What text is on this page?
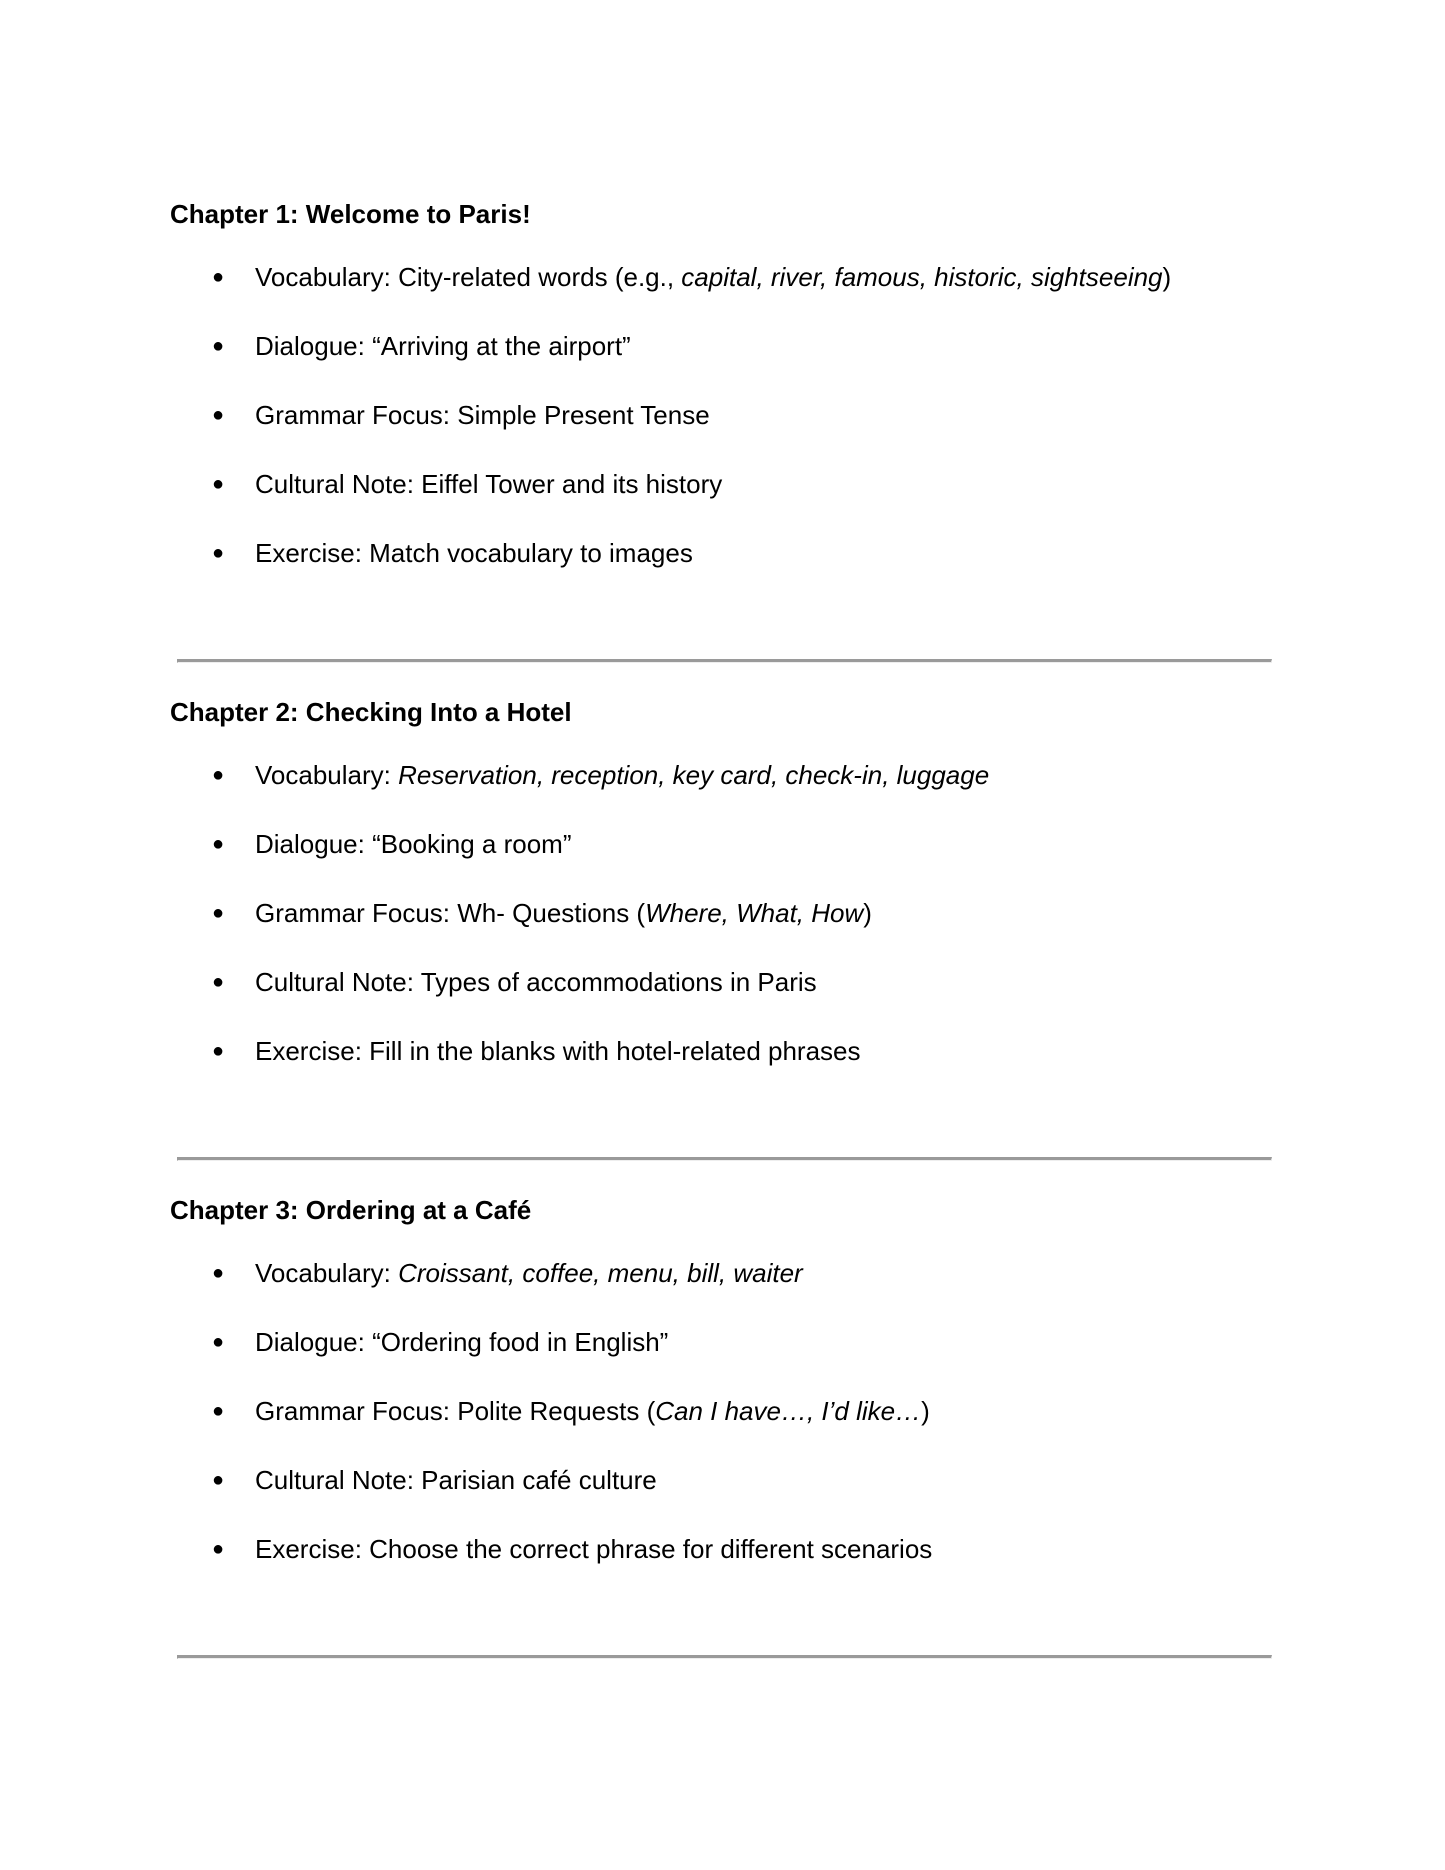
Chapter 1: Welcome to Paris!
● Vocabulary: City-related words (e.g., capital, river, famous, historic, sightseeing)
● Dialogue: “Arriving at the airport”
● Grammar Focus: Simple Present Tense
● Cultural Note: Eiffel Tower and its history
● Exercise: Match vocabulary to images
Chapter 2: Checking Into a Hotel
● Vocabulary: Reservation, reception, key card, check-in, luggage
● Dialogue: “Booking a room”
● Grammar Focus: Wh- Questions (Where, What, How)
● Cultural Note: Types of accommodations in Paris
● Exercise: Fill in the blanks with hotel-related phrases
Chapter 3: Ordering at a Café
● Vocabulary: Croissant, coffee, menu, bill, waiter
● Dialogue: “Ordering food in English”
● Grammar Focus: Polite Requests (Can I have…, I’d like…)
● Cultural Note: Parisian café culture
● Exercise: Choose the correct phrase for different scenarios
